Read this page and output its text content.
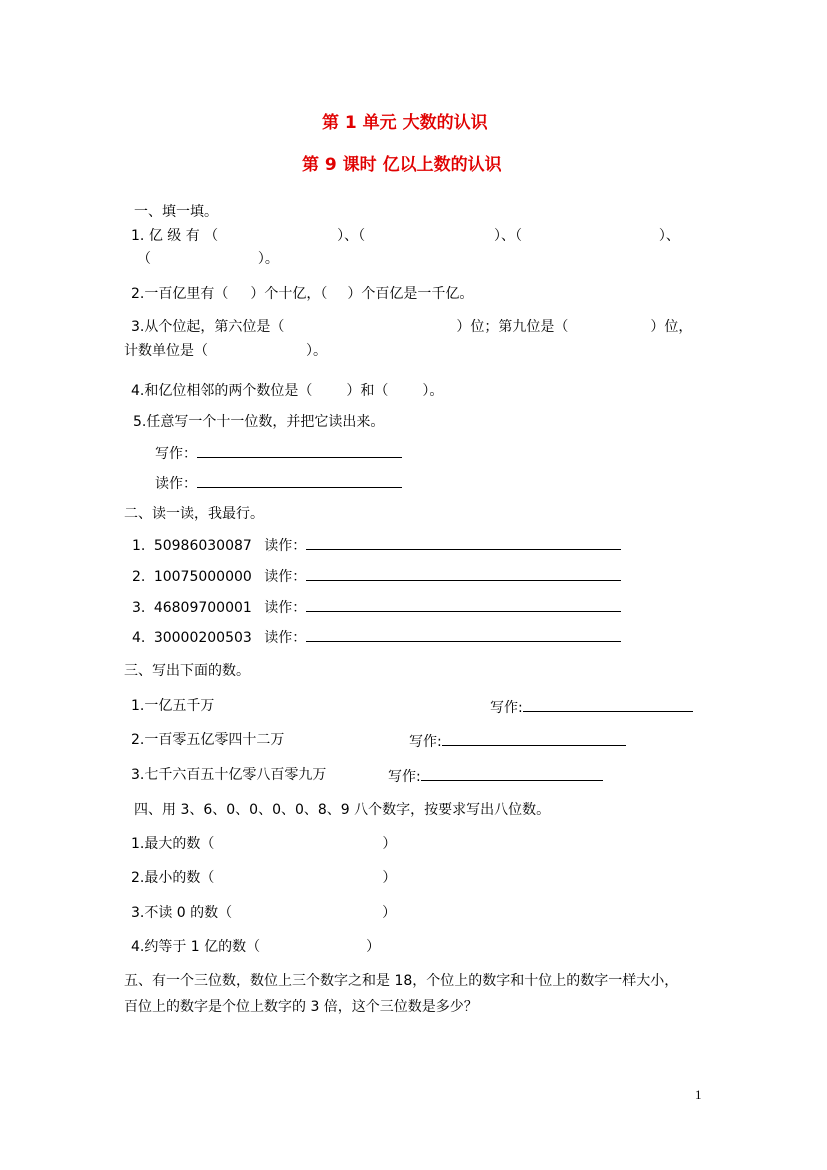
第 1 单元 大数的认识
第 9 课时 亿以上数的认识
一、填一填。
1. 亿 级 有 （	）、（	）、（	）、
（	）。
2.一百亿里有（ ）个十亿，（ ）个百亿是一千亿。
3.从个位起，第六位是（	）位；第九位是（	）位，
计数单位是（	）。
4.和亿位相邻的两个数位是（ ）和（ ）。
5.任意写一个十一位数，并把它读出来。
写作：
读作：
二、读一读，我最行。
1. 50986030087 读作：
2. 10075000000 读作：
3. 46809700001 读作：
4. 30000200503 读作：
三、写出下面的数。
1.一亿五千万	写作:
2.一百零五亿零四十二万	写作:
3.七千六百五十亿零八百零九万	写作:
四、用 3、6、0、0、0、0、8、9 八个数字，按要求写出八位数。
1.最大的数（	）
2.最小的数（	）
3.不读 0 的数（	）
4.约等于 1 亿的数（	）
五、有一个三位数，数位上三个数字之和是 18，个位上的数字和十位上的数字一样大小，
百位上的数字是个位上数字的 3 倍，这个三位数是多少？
1
